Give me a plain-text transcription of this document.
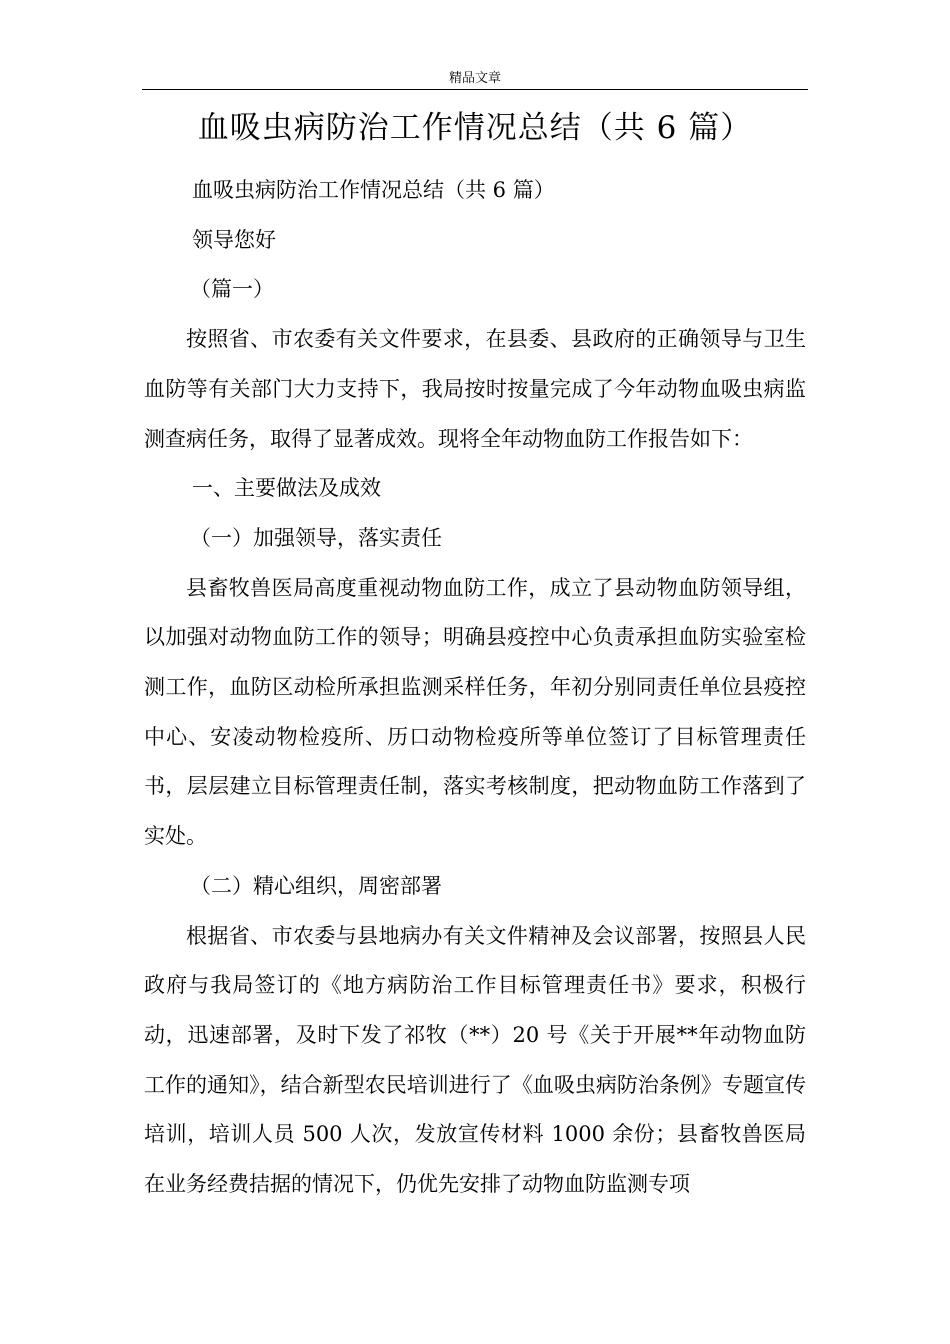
精品文章
血吸虫病防治工作情况总结（共 6 篇）

血吸虫病防治工作情况总结（共 6 篇）

领导您好

（篇一）

按照省、市农委有关文件要求，在县委、县政府的正确领导与卫生血防等有关部门大力支持下，我局按时按量完成了今年动物血吸虫病监测查病任务，取得了显著成效。现将全年动物血防工作报告如下：

一、主要做法及成效

（一）加强领导，落实责任

县畜牧兽医局高度重视动物血防工作，成立了县动物血防领导组，以加强对动物血防工作的领导；明确县疫控中心负责承担血防实验室检测工作，血防区动检所承担监测采样任务，年初分别同责任单位县疫控中心、安凌动物检疫所、历口动物检疫所等单位签订了目标管理责任书，层层建立目标管理责任制，落实考核制度，把动物血防工作落到了实处。

（二）精心组织，周密部署

根据省、市农委与县地病办有关文件精神及会议部署，按照县人民政府与我局签订的《地方病防治工作目标管理责任书》要求，积极行动，迅速部署，及时下发了祁牧（**）20 号《关于开展**年动物血防工作的通知》，结合新型农民培训进行了《血吸虫病防治条例》专题宣传培训，培训人员 500 人次，发放宣传材料 1000 余份；县畜牧兽医局在业务经费拮据的情况下，仍优先安排了动物血防监测专项
